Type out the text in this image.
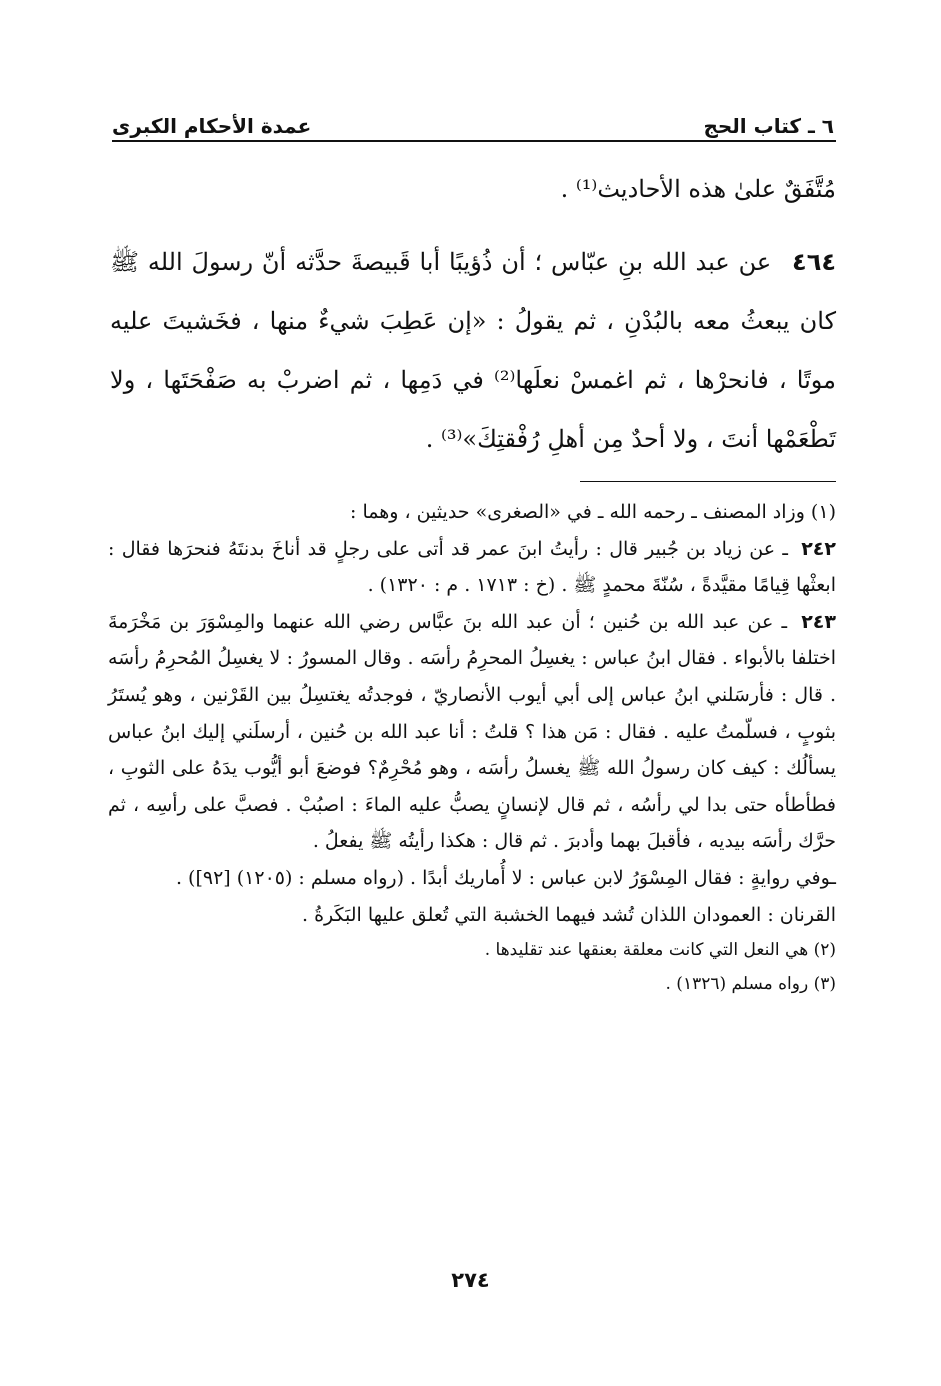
٦ ـ كتاب الحج
عمدة الأحكام الكبرى

مُتَّفَقٌ علىٰ هذه الأحاديث⁽¹⁾ .

٤٦٤ عن عبد الله بنِ عبّاس ؛ أن ذُؤيبًا أبا قَبيصةَ حدَّثه أنّ رسولَ الله ﷺ كان يبعثُ معه بالبُدْنِ ، ثم يقولُ : «إن عَطِبَ شيءٌ منها ، فخَشيتَ عليه موتًا ، فانحرْها ، ثم اغمسْ نعلَها⁽²⁾ في دَمِها ، ثم اضربْ به صَفْحَتَها ، ولا تَطْعَمْها أنتَ ، ولا أحدٌ مِن أهلِ رُفْقتِكَ»⁽³⁾ .

(١) وزاد المصنف ـ رحمه الله ـ في «الصغرى» حديثين ، وهما :

٢٤٢ ـ عن زياد بن جُبير قال : رأيتُ ابنَ عمر قد أتى على رجلٍ قد أناخَ بدنتَهُ فنحرَها فقال : ابعثْها قِيامًا مقيَّدةً ، سُنّةَ محمدٍ ﷺ . (خ : ١٧١٣ . م : ١٣٢٠) .

٢٤٣ ـ عن عبد الله بن حُنين ؛ أن عبد الله بنَ عبَّاس رضي الله عنهما والمِسْوَرَ بن مَخْرَمةَ اختلفا بالأبواء . فقال ابنُ عباس : يغسِلُ المحرِمُ رأسَه . وقال المسورُ : لا يغسِلُ المُحرِمُ رأسَه . قال : فأرسَلني ابنُ عباس إلى أبي أيوب الأنصاريّ ، فوجدتُه يغتسِلُ بين القَرْنين ، وهو يُستَرُ بثوبٍ ، فسلّمتُ عليه . فقال : مَن هذا ؟ قلتُ : أنا عبد الله بن حُنين ، أرسلَني إليك ابنُ عباس يسألُك : كيف كان رسولُ الله ﷺ يغسلُ رأسَه ، وهو مُحْرِمٌ؟ فوضعَ أبو أيُّوب يدَهُ على الثوبِ ، فطأطأه حتى بدا لي رأسُه ، ثم قال لإنسانٍ يصبُّ عليه الماءَ : اصبُبْ . فصبَّ على رأسِه ، ثم حرَّك رأسَه بيديه ، فأقبلَ بهما وأدبرَ . ثم قال : هكذا رأيتُه ﷺ يفعلُ .

ـوفي روايةٍ : فقال المِسْوَرُ لابن عباس : لا أُماريك أبدًا . (رواه مسلم : (١٢٠٥) [٩٢]) .

القرنان : العمودان اللذان تُشد فيهما الخشبة التي تُعلق عليها البَكَرةُ .

(٢) هي النعل التي كانت معلقة بعنقها عند تقليدها .

(٣) رواه مسلم (١٣٢٦) .

٢٧٤
